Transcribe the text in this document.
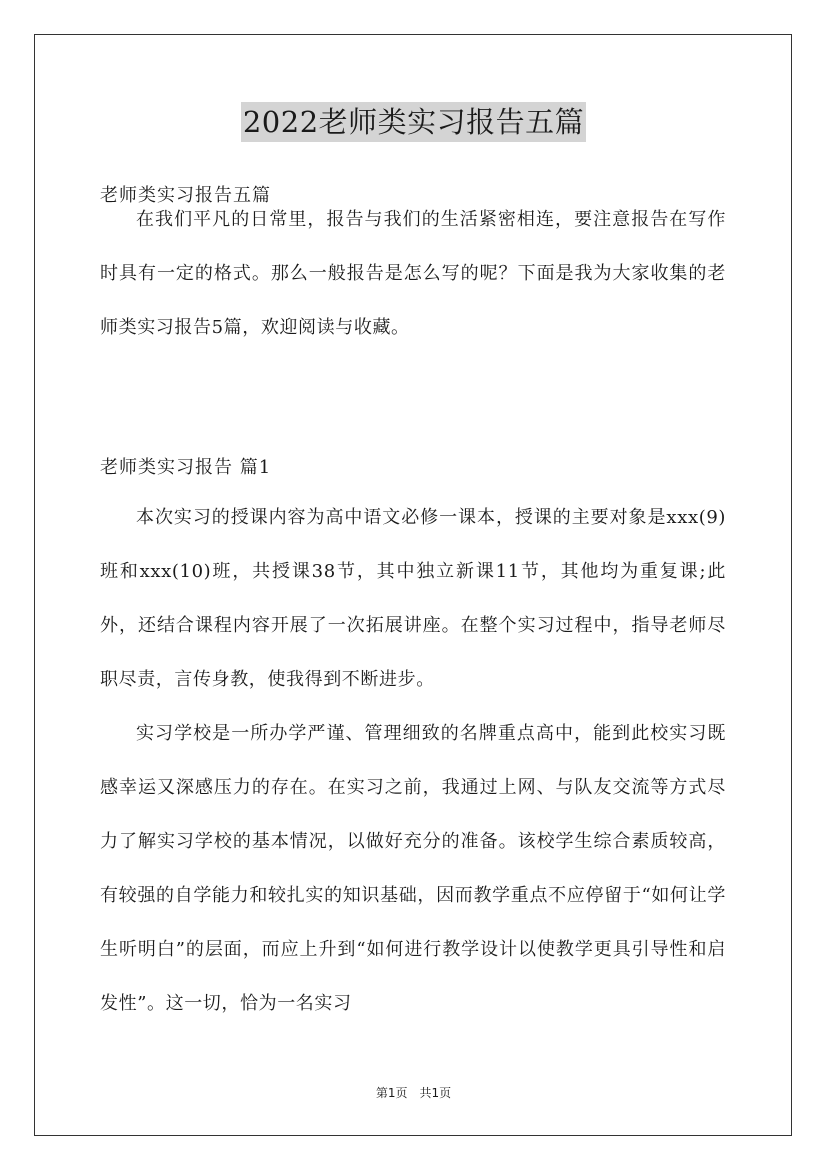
2022老师类实习报告五篇
老师类实习报告五篇

在我们平凡的日常里，报告与我们的生活紧密相连，要注意报告在写作时具有一定的格式。那么一般报告是怎么写的呢？下面是我为大家收集的老师类实习报告5篇，欢迎阅读与收藏。

老师类实习报告 篇1

本次实习的授课内容为高中语文必修一课本，授课的主要对象是xxx(9)班和xxx(10)班，共授课38节，其中独立新课11节，其他均为重复课;此外，还结合课程内容开展了一次拓展讲座。在整个实习过程中，指导老师尽职尽责，言传身教，使我得到不断进步。

实习学校是一所办学严谨、管理细致的名牌重点高中，能到此校实习既感幸运又深感压力的存在。在实习之前，我通过上网、与队友交流等方式尽力了解实习学校的基本情况，以做好充分的准备。该校学生综合素质较高，有较强的自学能力和较扎实的知识基础，因而教学重点不应停留于“如何让学生听明白”的层面，而应上升到“如何进行教学设计以使教学更具引导性和启发性”。这一切，恰为一名实习

第1页　共1页
